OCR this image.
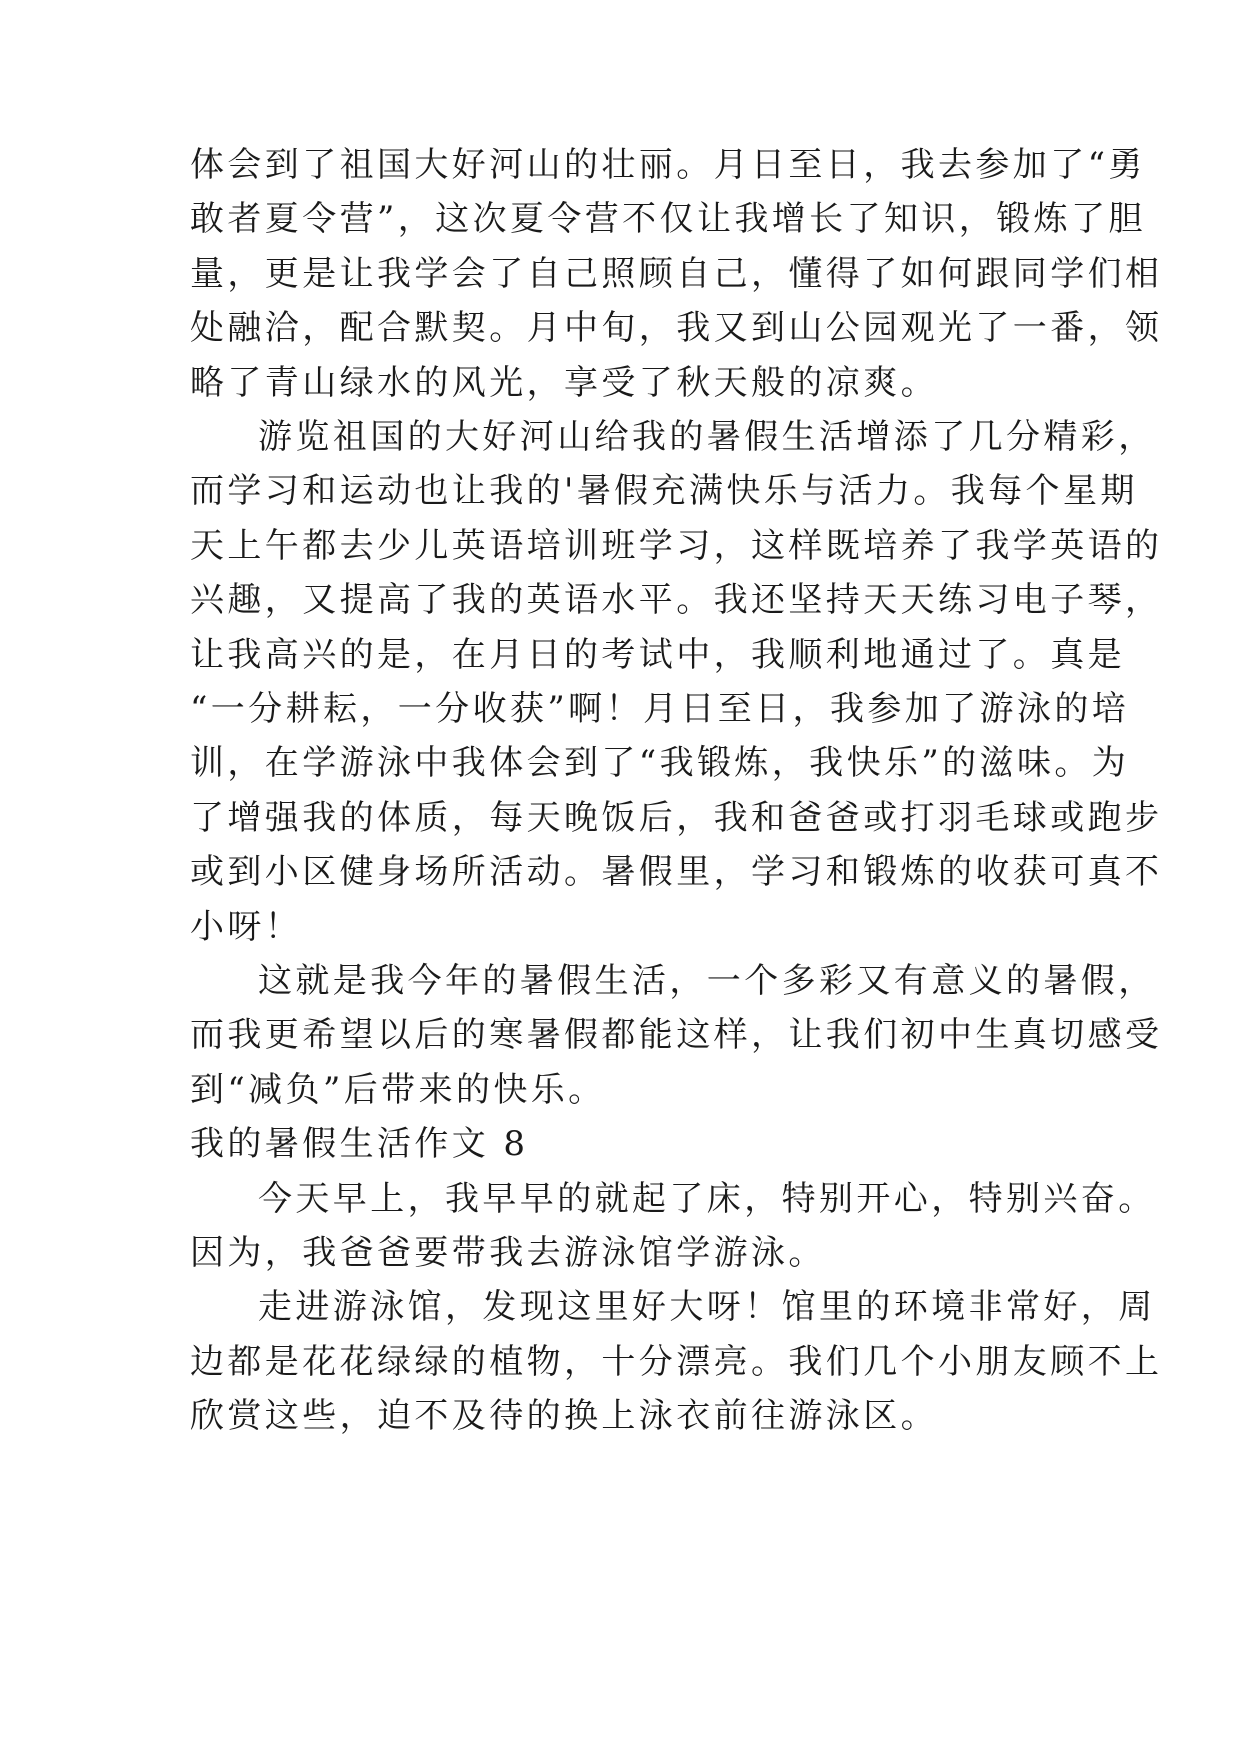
体会到了祖国大好河山的壮丽。月日至日，我去参加了“勇
敢者夏令营”，这次夏令营不仅让我增长了知识，锻炼了胆
量，更是让我学会了自己照顾自己，懂得了如何跟同学们相
处融洽，配合默契。月中旬，我又到山公园观光了一番，领
略了青山绿水的风光，享受了秋天般的凉爽。
游览祖国的大好河山给我的暑假生活增添了几分精彩，
而学习和运动也让我的'暑假充满快乐与活力。我每个星期
天上午都去少儿英语培训班学习，这样既培养了我学英语的
兴趣，又提高了我的英语水平。我还坚持天天练习电子琴，
让我高兴的是，在月日的考试中，我顺利地通过了。真是
“一分耕耘，一分收获”啊！月日至日，我参加了游泳的培
训，在学游泳中我体会到了“我锻炼，我快乐”的滋味。为
了增强我的体质，每天晚饭后，我和爸爸或打羽毛球或跑步
或到小区健身场所活动。暑假里，学习和锻炼的收获可真不
小呀！
这就是我今年的暑假生活，一个多彩又有意义的暑假，
而我更希望以后的寒暑假都能这样，让我们初中生真切感受
到“减负”后带来的快乐。
我的暑假生活作文 8
今天早上，我早早的就起了床，特别开心，特别兴奋。
因为，我爸爸要带我去游泳馆学游泳。
走进游泳馆，发现这里好大呀！馆里的环境非常好，周
边都是花花绿绿的植物，十分漂亮。我们几个小朋友顾不上
欣赏这些，迫不及待的换上泳衣前往游泳区。
